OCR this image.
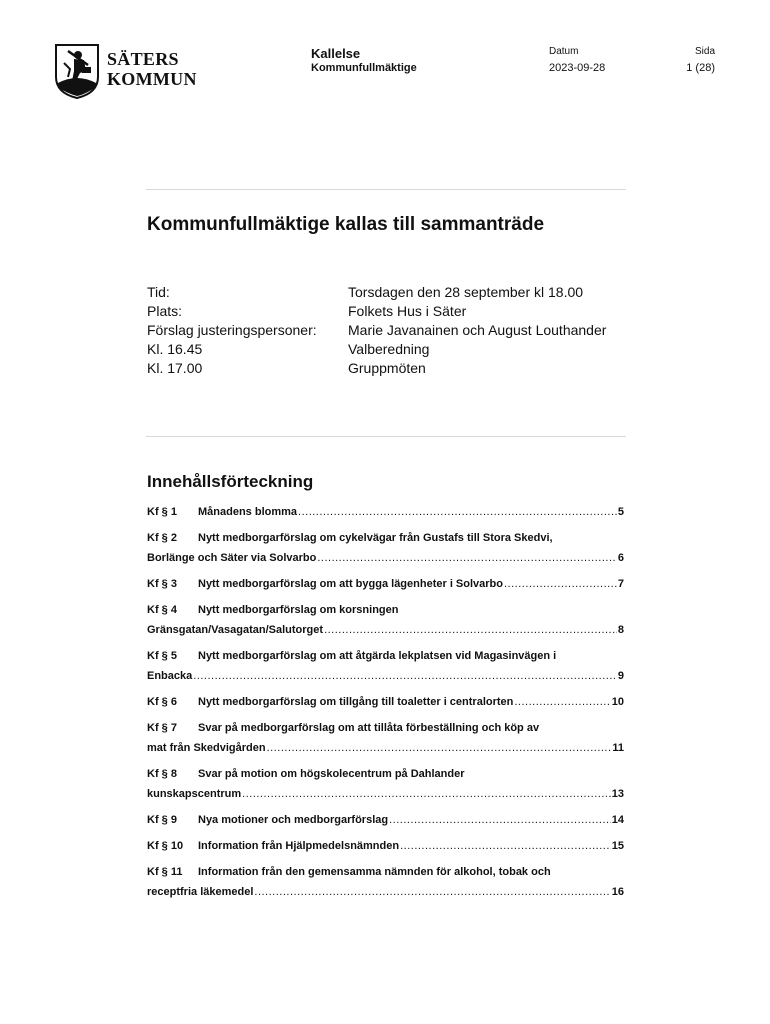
SÄTERS
KOMMUN
Kallelse
Kommunfullmäktige
Datum
2023-09-28
Sida
1 (28)
Kommunfullmäktige kallas till sammanträde
Tid:	Torsdagen den 28 september kl 18.00
Plats:	Folkets Hus i Säter
Förslag justeringspersoner:	Marie Javanainen och August Louthander
Kl. 16.45	Valberedning
Kl. 17.00	Gruppmöten
Innehållsförteckning
Kf § 1	Månadens blomma .....	5
Kf § 2	Nytt medborgarförslag om cykelvägar från Gustafs till Stora Skedvi,
Borlänge och Säter via Solvarbo .....	6
Kf § 3	Nytt medborgarförslag om att bygga lägenheter i Solvarbo .....	7
Kf § 4	Nytt medborgarförslag om korsningen
Gränsgatan/Vasagatan/Salutorget .....	8
Kf § 5	Nytt medborgarförslag om att åtgärda lekplatsen vid Magasinvägen i
Enbacka .....	9
Kf § 6	Nytt medborgarförslag om tillgång till toaletter i centralorten .....	10
Kf § 7	Svar på medborgarförslag om att tillåta förbeställning och köp av
mat från Skedvigården .....	11
Kf § 8	Svar på motion om högskolecentrum på Dahlander
kunskapscentrum .....	13
Kf § 9	Nya motioner och medborgarförslag .....	14
Kf § 10	Information från Hjälpmedelsnämnden .....	15
Kf § 11	Information från den gemensamma nämnden för alkohol, tobak och
receptfria läkemedel .....	16
